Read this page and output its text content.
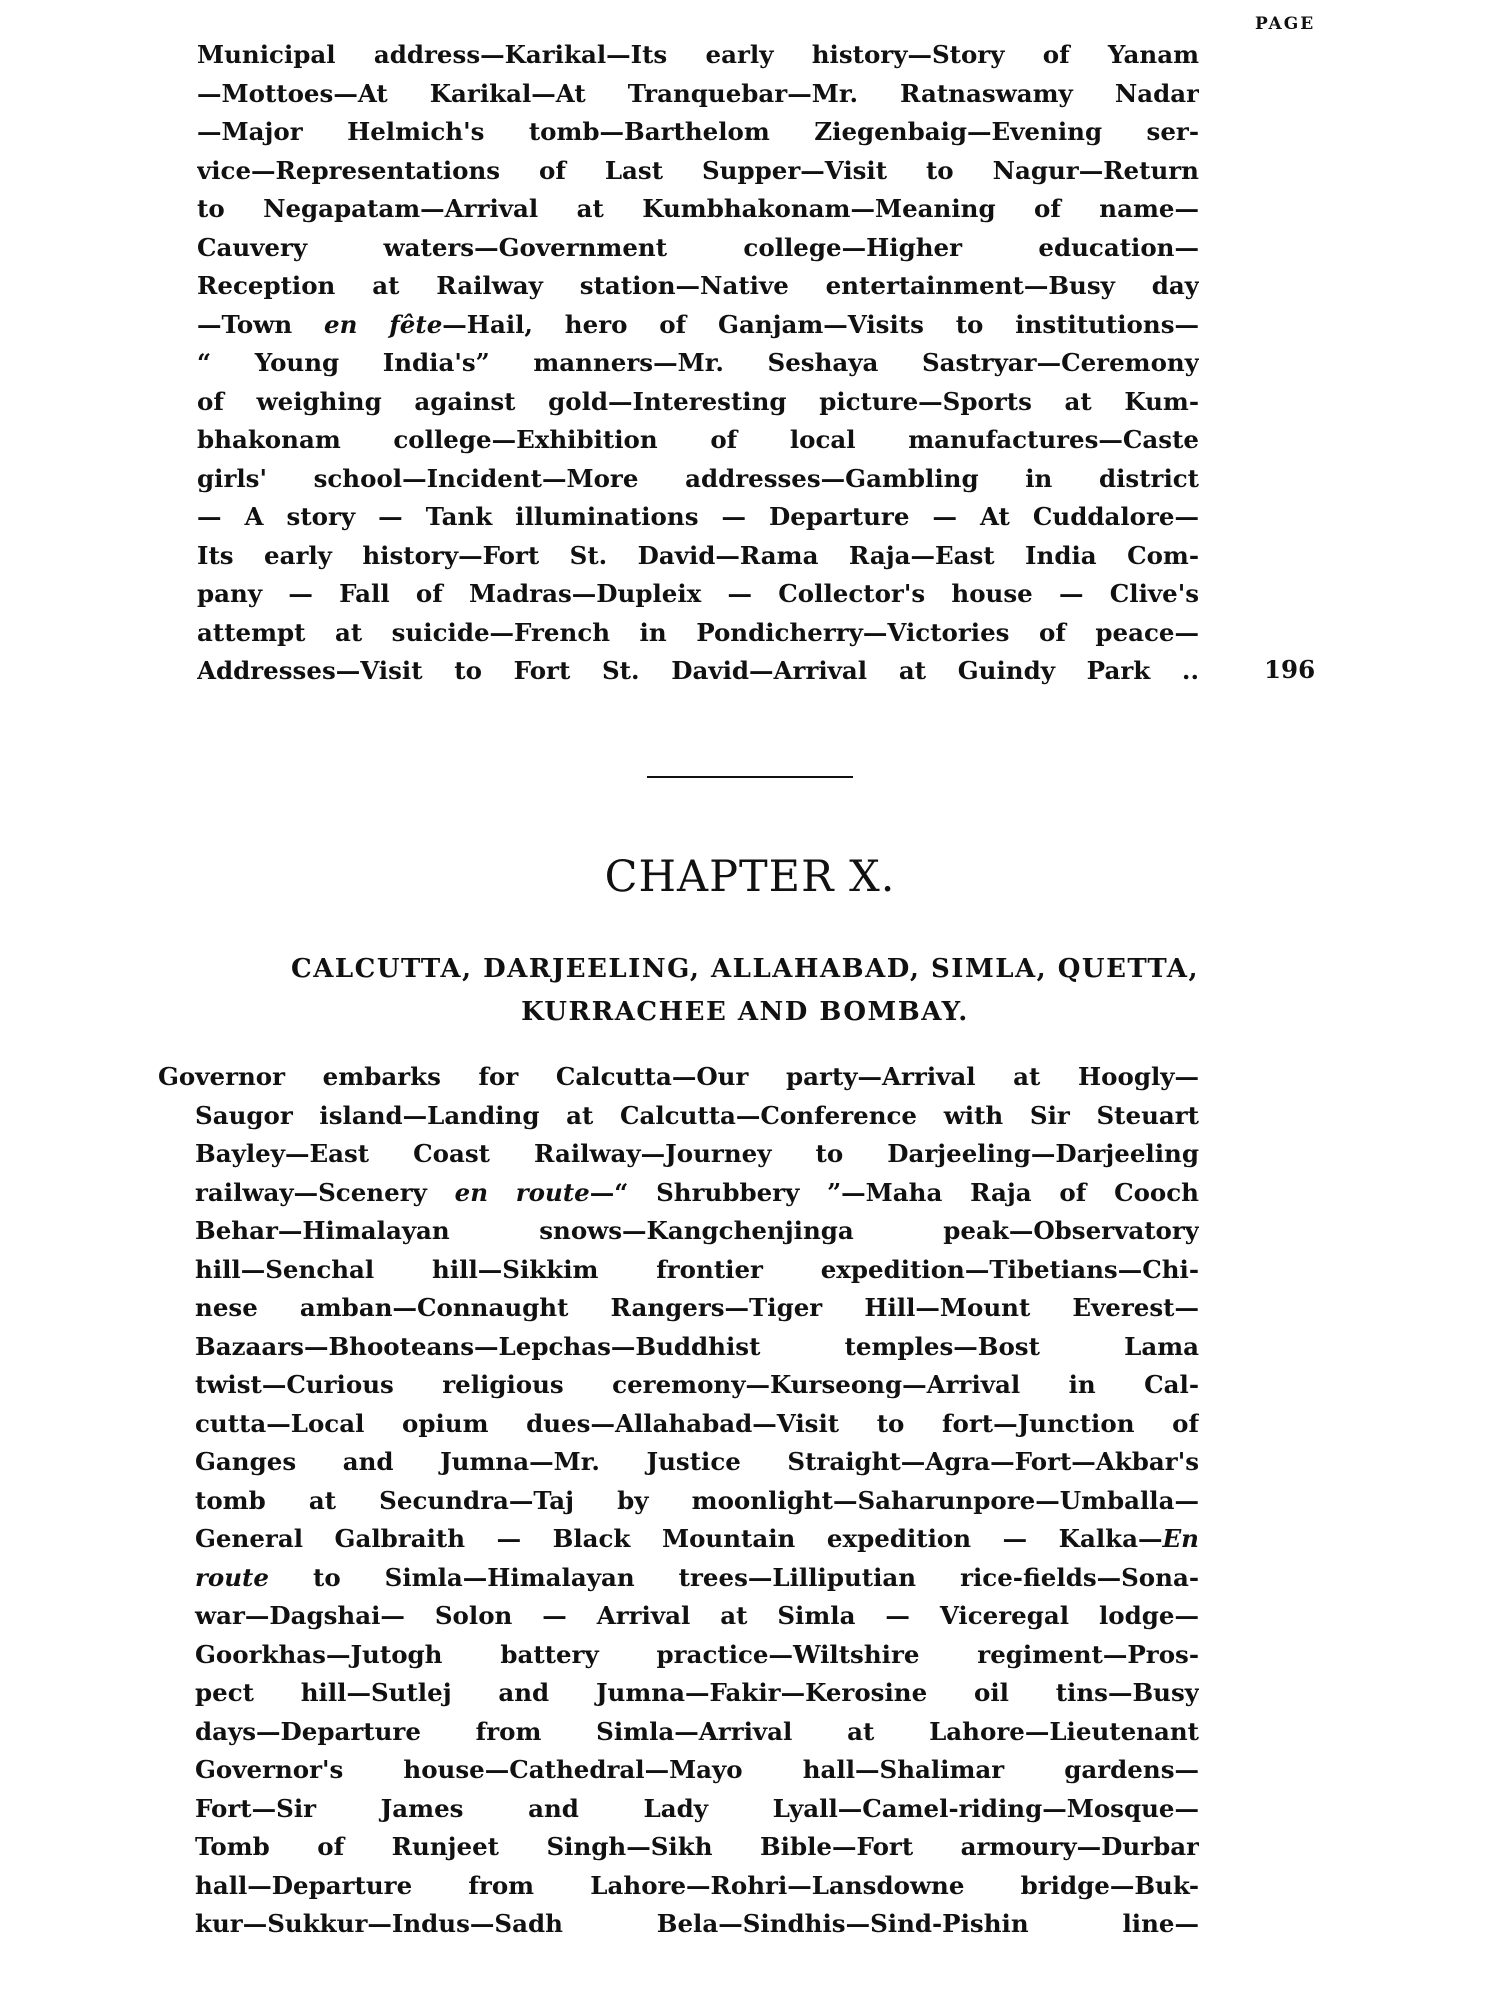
PAGE
Municipal address—Karikal—Its early history—Story of Yanam
—Mottoes—At Karikal—At Tranquebar—Mr. Ratnaswamy Nadar
—Major Helmich's tomb—Barthelom Ziegenbaig—Evening ser-
vice—Representations of Last Supper—Visit to Nagur—Return
to Negapatam—Arrival at Kumbhakonam—Meaning of name—
Cauvery waters—Government college—Higher education—
Reception at Railway station—Native entertainment—Busy day
—Town en fête—Hail, hero of Ganjam—Visits to institutions—
“ Young India's” manners—Mr. Seshaya Sastryar—Ceremony
of weighing against gold—Interesting picture—Sports at Kum-
bhakonam college—Exhibition of local manufactures—Caste
girls' school—Incident—More addresses—Gambling in district
— A story — Tank illuminations — Departure — At Cuddalore—
Its early history—Fort St. David—Rama Raja—East India Com-
pany — Fall of Madras—Dupleix — Collector's house — Clive's
attempt at suicide—French in Pondicherry—Victories of peace—
Addresses—Visit to Fort St. David—Arrival at Guindy Park ..	196
CHAPTER X.
CALCUTTA, DARJEELING, ALLAHABAD, SIMLA, QUETTA,
KURRACHEE AND BOMBAY.
Governor embarks for Calcutta—Our party—Arrival at Hoogly—
Saugor island—Landing at Calcutta—Conference with Sir Steuart
Bayley—East Coast Railway—Journey to Darjeeling—Darjeeling
railway—Scenery en route—“ Shrubbery ”—Maha Raja of Cooch
Behar—Himalayan snows—Kangchenjinga peak—Observatory
hill—Senchal hill—Sikkim frontier expedition—Tibetians—Chi-
nese amban—Connaught Rangers—Tiger Hill—Mount Everest—
Bazaars—Bhooteans—Lepchas—Buddhist temples—Bost Lama
twist—Curious religious ceremony—Kurseong—Arrival in Cal-
cutta—Local opium dues—Allahabad—Visit to fort—Junction of
Ganges and Jumna—Mr. Justice Straight—Agra—Fort—Akbar's
tomb at Secundra—Taj by moonlight—Saharunpore—Umballa—
General Galbraith — Black Mountain expedition — Kalka—En
route to Simla—Himalayan trees—Lilliputian rice-fields—Sona-
war—Dagshai— Solon — Arrival at Simla — Viceregal lodge—
Goorkhas—Jutogh battery practice—Wiltshire regiment—Pros-
pect hill—Sutlej and Jumna—Fakir—Kerosine oil tins—Busy
days—Departure from Simla—Arrival at Lahore—Lieutenant
Governor's house—Cathedral—Mayo hall—Shalimar gardens—
Fort—Sir James and Lady Lyall—Camel-riding—Mosque—
Tomb of Runjeet Singh—Sikh Bible—Fort armoury—Durbar
hall—Departure from Lahore—Rohri—Lansdowne bridge—Buk-
kur—Sukkur—Indus—Sadh Bela—Sindhis—Sind-Pishin line—
